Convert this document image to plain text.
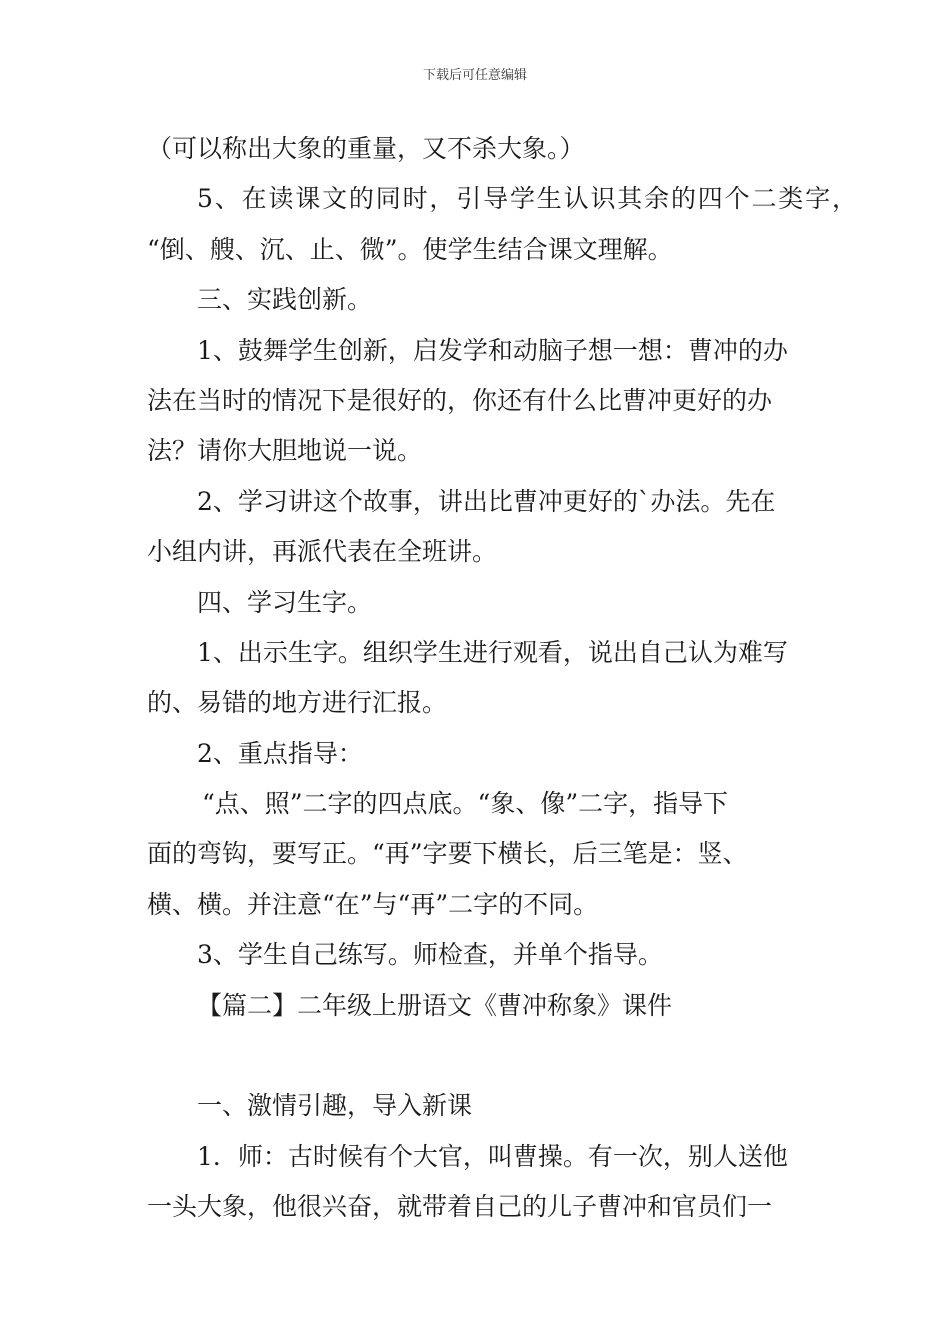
下载后可任意编辑
（可以称出大象的重量，又不杀大象。）
5、在读课文的同时，引导学生认识其余的四个二类字，
“倒、艘、沉、止、微”。使学生结合课文理解。
三、实践创新。
1、鼓舞学生创新，启发学和动脑子想一想：曹冲的办
法在当时的情况下是很好的，你还有什么比曹冲更好的办
法？请你大胆地说一说。
2、学习讲这个故事，讲出比曹冲更好的`办法。先在
小组内讲，再派代表在全班讲。
四、学习生字。
1、出示生字。组织学生进行观看，说出自己认为难写
的、易错的地方进行汇报。
2、重点指导：
“点、照”二字的四点底。“象、像”二字，指导下
面的弯钩，要写正。“再”字要下横长，后三笔是：竖、
横、横。并注意“在”与“再”二字的不同。
3、学生自己练写。师检查，并单个指导。
【篇二】二年级上册语文《曹冲称象》课件
一、激情引趣，导入新课
1．师：古时候有个大官，叫曹操。有一次，别人送他
一头大象，他很兴奋，就带着自己的儿子曹冲和官员们一
